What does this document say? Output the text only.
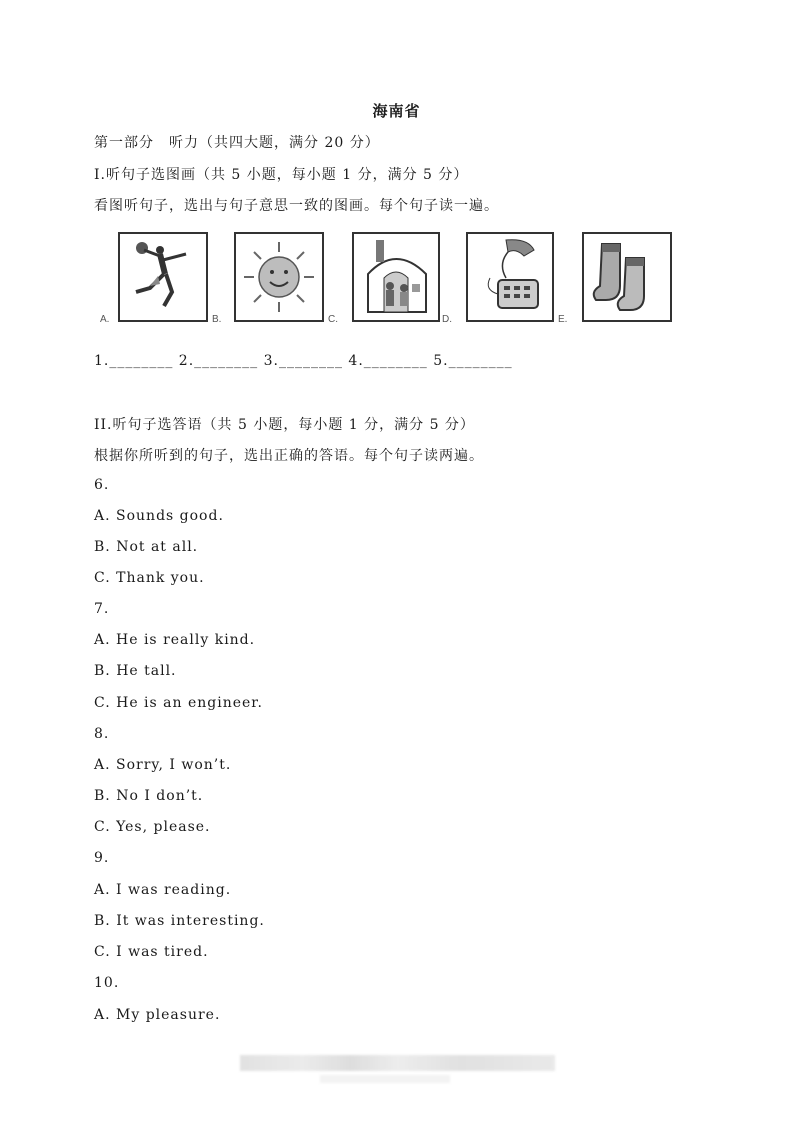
海南省
第一部分　听力（共四大题，满分 20 分）
I.听句子选图画（共 5 小题，每小题 1 分，满分 5 分）
看图听句子，选出与句子意思一致的图画。每个句子读一遍。
A.	B.	C.	D.	E.
1.________ 2.________ 3.________ 4.________ 5.________
II.听句子选答语（共 5 小题，每小题 1 分，满分 5 分）
根据你所听到的句子，选出正确的答语。每个句子读两遍。
6.
A. Sounds good.
B. Not at all.
C. Thank you.
7.
A. He is really kind.
B. He tall.
C. He is an engineer.
8.
A. Sorry, I won’t.
B. No I don’t.
C. Yes, please.
9.
A. I was reading.
B. It was interesting.
C. I was tired.
10.
A. My pleasure.
